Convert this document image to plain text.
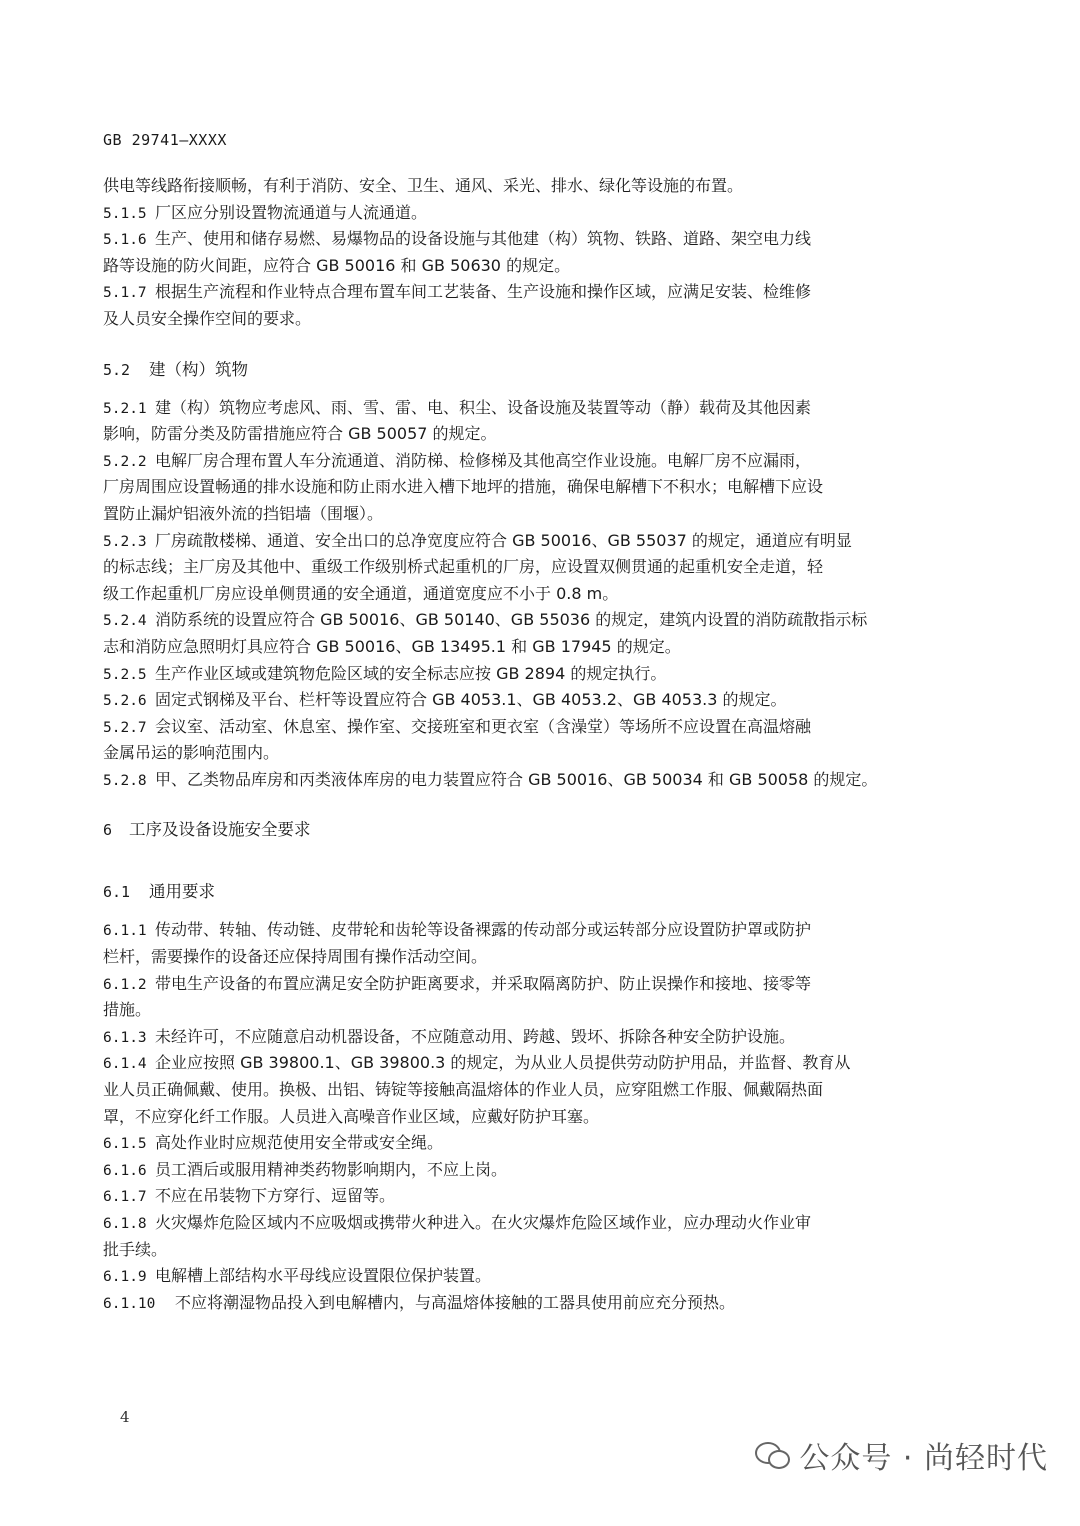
GB 29741—XXXX
供电等线路衔接顺畅，有利于消防、安全、卫生、通风、采光、排水、绿化等设施的布置。
5.1.5 厂区应分别设置物流通道与人流通道。
5.1.6 生产、使用和储存易燃、易爆物品的设备设施与其他建（构）筑物、铁路、道路、架空电力线
路等设施的防火间距，应符合 GB 50016 和 GB 50630 的规定。
5.1.7 根据生产流程和作业特点合理布置车间工艺装备、生产设施和操作区域，应满足安装、检维修
及人员安全操作空间的要求。
5.2 建（构）筑物
5.2.1 建（构）筑物应考虑风、雨、雪、雷、电、积尘、设备设施及装置等动（静）载荷及其他因素
影响，防雷分类及防雷措施应符合 GB 50057 的规定。
5.2.2 电解厂房合理布置人车分流通道、消防梯、检修梯及其他高空作业设施。电解厂房不应漏雨，
厂房周围应设置畅通的排水设施和防止雨水进入槽下地坪的措施，确保电解槽下不积水；电解槽下应设
置防止漏炉铝液外流的挡铝墙（围堰）。
5.2.3 厂房疏散楼梯、通道、安全出口的总净宽度应符合 GB 50016、GB 55037 的规定，通道应有明显
的标志线；主厂房及其他中、重级工作级别桥式起重机的厂房，应设置双侧贯通的起重机安全走道，轻
级工作起重机厂房应设单侧贯通的安全通道，通道宽度应不小于 0.8 m。
5.2.4 消防系统的设置应符合 GB 50016、GB 50140、GB 55036 的规定，建筑内设置的消防疏散指示标
志和消防应急照明灯具应符合 GB 50016、GB 13495.1 和 GB 17945 的规定。
5.2.5 生产作业区域或建筑物危险区域的安全标志应按 GB 2894 的规定执行。
5.2.6 固定式钢梯及平台、栏杆等设置应符合 GB 4053.1、GB 4053.2、GB 4053.3 的规定。
5.2.7 会议室、活动室、休息室、操作室、交接班室和更衣室（含澡堂）等场所不应设置在高温熔融
金属吊运的影响范围内。
5.2.8 甲、乙类物品库房和丙类液体库房的电力装置应符合 GB 50016、GB 50034 和 GB 50058 的规定。
6 工序及设备设施安全要求
6.1 通用要求
6.1.1 传动带、转轴、传动链、皮带轮和齿轮等设备裸露的传动部分或运转部分应设置防护罩或防护
栏杆，需要操作的设备还应保持周围有操作活动空间。
6.1.2 带电生产设备的布置应满足安全防护距离要求，并采取隔离防护、防止误操作和接地、接零等
措施。
6.1.3 未经许可，不应随意启动机器设备，不应随意动用、跨越、毁坏、拆除各种安全防护设施。
6.1.4 企业应按照 GB 39800.1、GB 39800.3 的规定，为从业人员提供劳动防护用品，并监督、教育从
业人员正确佩戴、使用。换极、出铝、铸锭等接触高温熔体的作业人员，应穿阻燃工作服、佩戴隔热面
罩，不应穿化纤工作服。人员进入高噪音作业区域，应戴好防护耳塞。
6.1.5 高处作业时应规范使用安全带或安全绳。
6.1.6 员工酒后或服用精神类药物影响期内，不应上岗。
6.1.7 不应在吊装物下方穿行、逗留等。
6.1.8 火灾爆炸危险区域内不应吸烟或携带火种进入。在火灾爆炸危险区域作业，应办理动火作业审
批手续。
6.1.9 电解槽上部结构水平母线应设置限位保护装置。
6.1.10 不应将潮湿物品投入到电解槽内，与高温熔体接触的工器具使用前应充分预热。
4
公众号 · 尚轻时代
